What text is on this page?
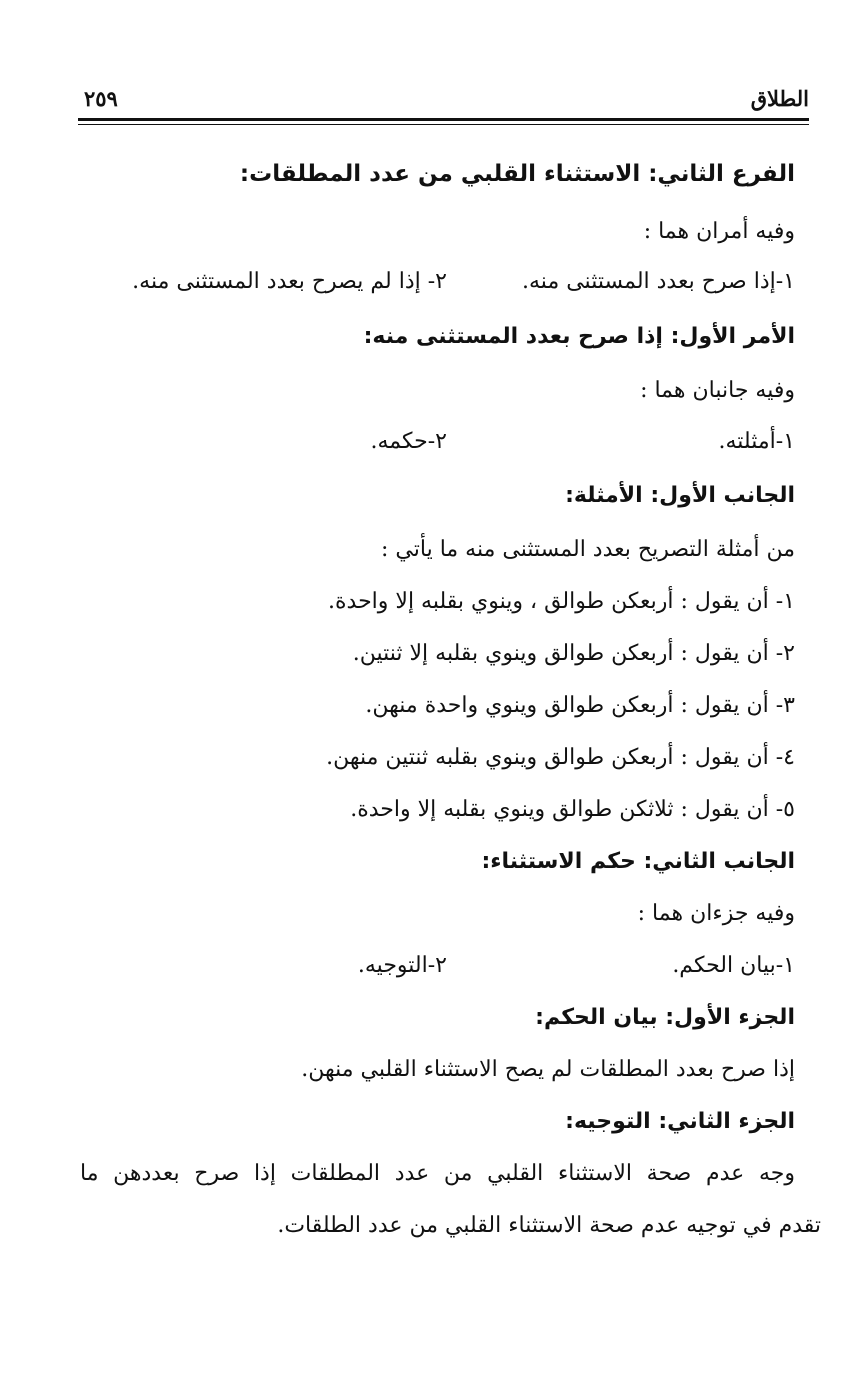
الطلاق
٢٥٩
الفرع الثاني: الاستثناء القلبي من عدد المطلقات:
وفيه أمران هما :
١-إذا صرح بعدد المستثنى منه.
٢- إذا لم يصرح بعدد المستثنى منه.
الأمر الأول: إذا صرح بعدد المستثنى منه:
وفيه جانبان هما :
١-أمثلته.
٢-حكمه.
الجانب الأول: الأمثلة:
من أمثلة التصريح بعدد المستثنى منه ما يأتي :
١- أن يقول : أربعكن طوالق ، وينوي بقلبه إلا واحدة.
٢- أن يقول : أربعكن طوالق وينوي بقلبه إلا ثنتين.
٣- أن يقول : أربعكن طوالق وينوي واحدة منهن.
٤- أن يقول : أربعكن طوالق وينوي بقلبه ثنتين منهن.
٥- أن يقول : ثلاثكن طوالق وينوي بقلبه إلا واحدة.
الجانب الثاني: حكم الاستثناء:
وفيه جزءان هما :
١-بيان الحكم.
٢-التوجيه.
الجزء الأول: بيان الحكم:
إذا صرح بعدد المطلقات لم يصح الاستثناء القلبي منهن.
الجزء الثاني: التوجيه:
وجه عدم صحة الاستثناء القلبي من عدد المطلقات إذا صرح بعددهن ما
تقدم في توجيه عدم صحة الاستثناء القلبي من عدد الطلقات.
